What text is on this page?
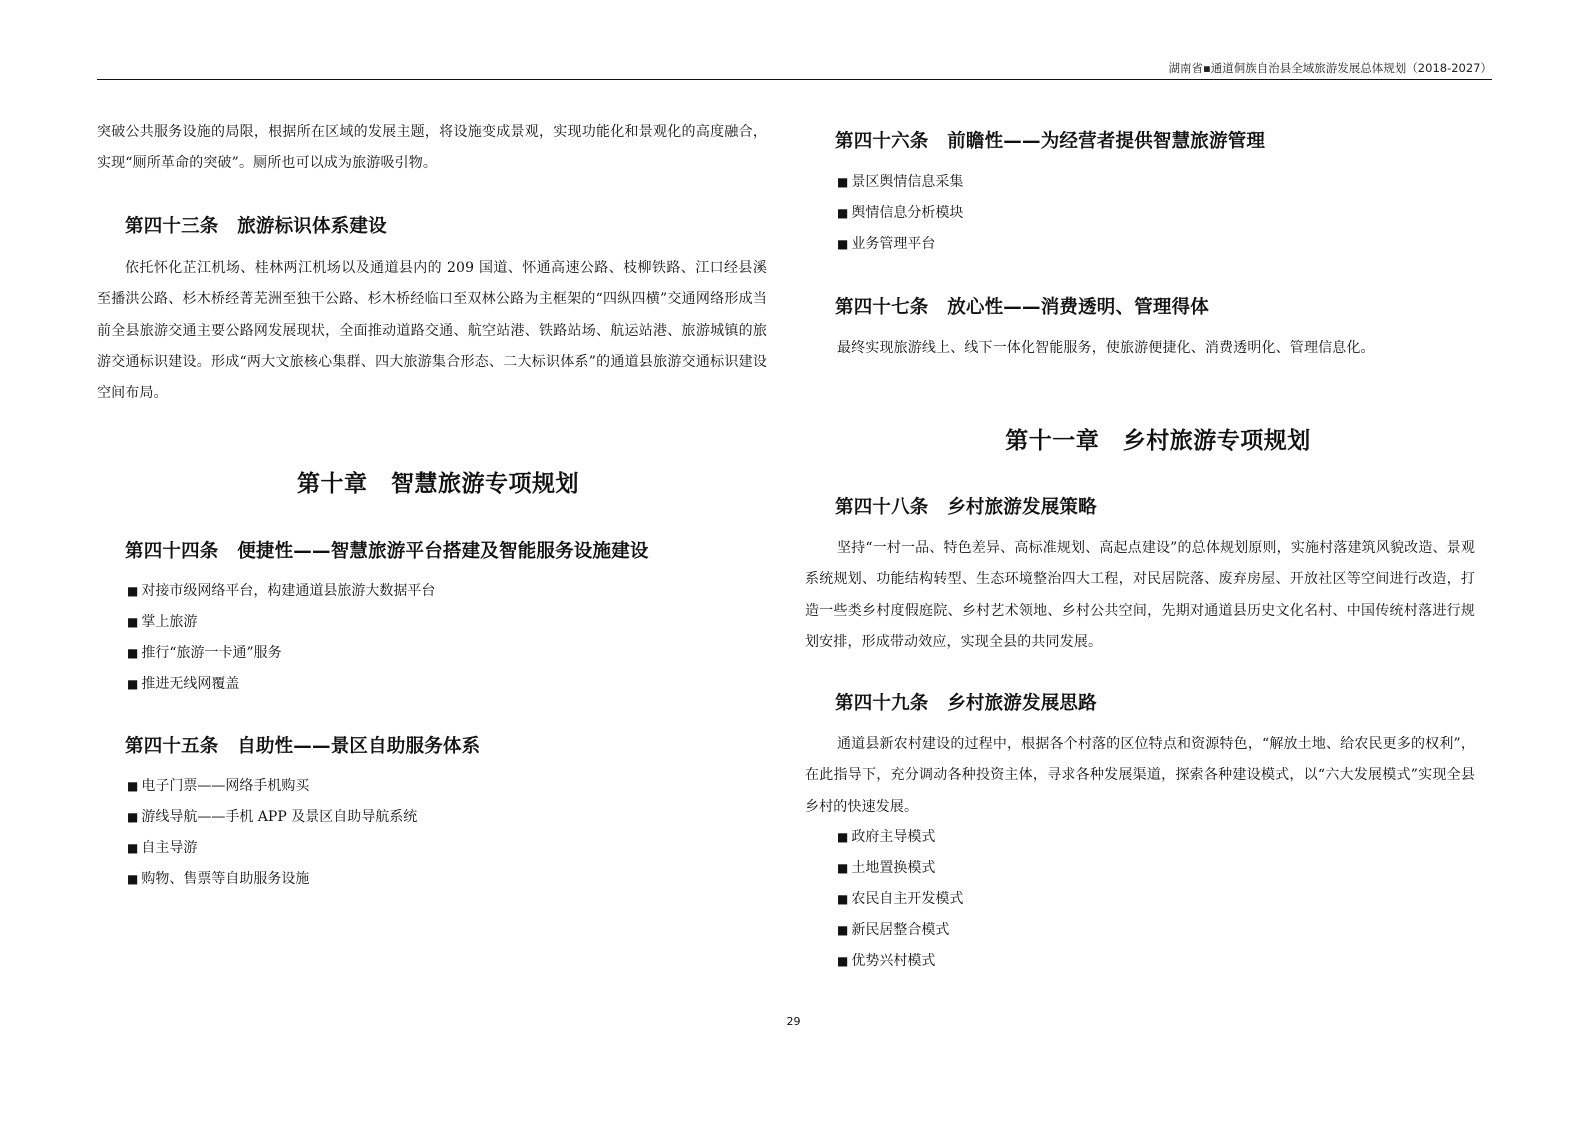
湖南省▪通道侗族自治县全域旅游发展总体规划（2018-2027）

突破公共服务设施的局限，根据所在区域的发展主题，将设施变成景观，实现功能化和景观化的高度融合，实现“厕所革命的突破”。厕所也可以成为旅游吸引物。

第四十三条　旅游标识体系建设

依托怀化芷江机场、桂林两江机场以及通道县内的 209 国道、怀通高速公路、枝柳铁路、江口经县溪至播洪公路、杉木桥经菁芜洲至独干公路、杉木桥经临口至双林公路为主框架的“四纵四横”交通网络形成当前全县旅游交通主要公路网发展现状，全面推动道路交通、航空站港、铁路站场、航运站港、旅游城镇的旅游交通标识建设。形成“两大文旅核心集群、四大旅游集合形态、二大标识体系”的通道县旅游交通标识建设空间布局。

第十章　智慧旅游专项规划
第四十四条　便捷性——智慧旅游平台搭建及智能服务设施建设
■ 对接市级网络平台，构建通道县旅游大数据平台
■ 掌上旅游
■ 推行“旅游一卡通”服务
■ 推进无线网覆盖
第四十五条　自助性——景区自助服务体系
■ 电子门票——网络手机购买
■ 游线导航——手机 APP 及景区自助导航系统
■ 自主导游
■ 购物、售票等自助服务设施
第四十六条　前瞻性——为经营者提供智慧旅游管理
■ 景区舆情信息采集
■ 舆情信息分析模块
■ 业务管理平台
第四十七条　放心性——消费透明、管理得体

最终实现旅游线上、线下一体化智能服务，使旅游便捷化、消费透明化、管理信息化。

第十一章　乡村旅游专项规划
第四十八条　乡村旅游发展策略

坚持“一村一品、特色差异、高标准规划、高起点建设”的总体规划原则，实施村落建筑风貌改造、景观系统规划、功能结构转型、生态环境整治四大工程，对民居院落、废弃房屋、开放社区等空间进行改造，打造一些类乡村度假庭院、乡村艺术领地、乡村公共空间，先期对通道县历史文化名村、中国传统村落进行规划安排，形成带动效应，实现全县的共同发展。

第四十九条　乡村旅游发展思路

通道县新农村建设的过程中，根据各个村落的区位特点和资源特色，“解放土地、给农民更多的权利”，在此指导下，充分调动各种投资主体，寻求各种发展渠道，探索各种建设模式，以“六大发展模式”实现全县乡村的快速发展。

■ 政府主导模式
■ 土地置换模式
■ 农民自主开发模式
■ 新民居整合模式
■ 优势兴村模式
29
